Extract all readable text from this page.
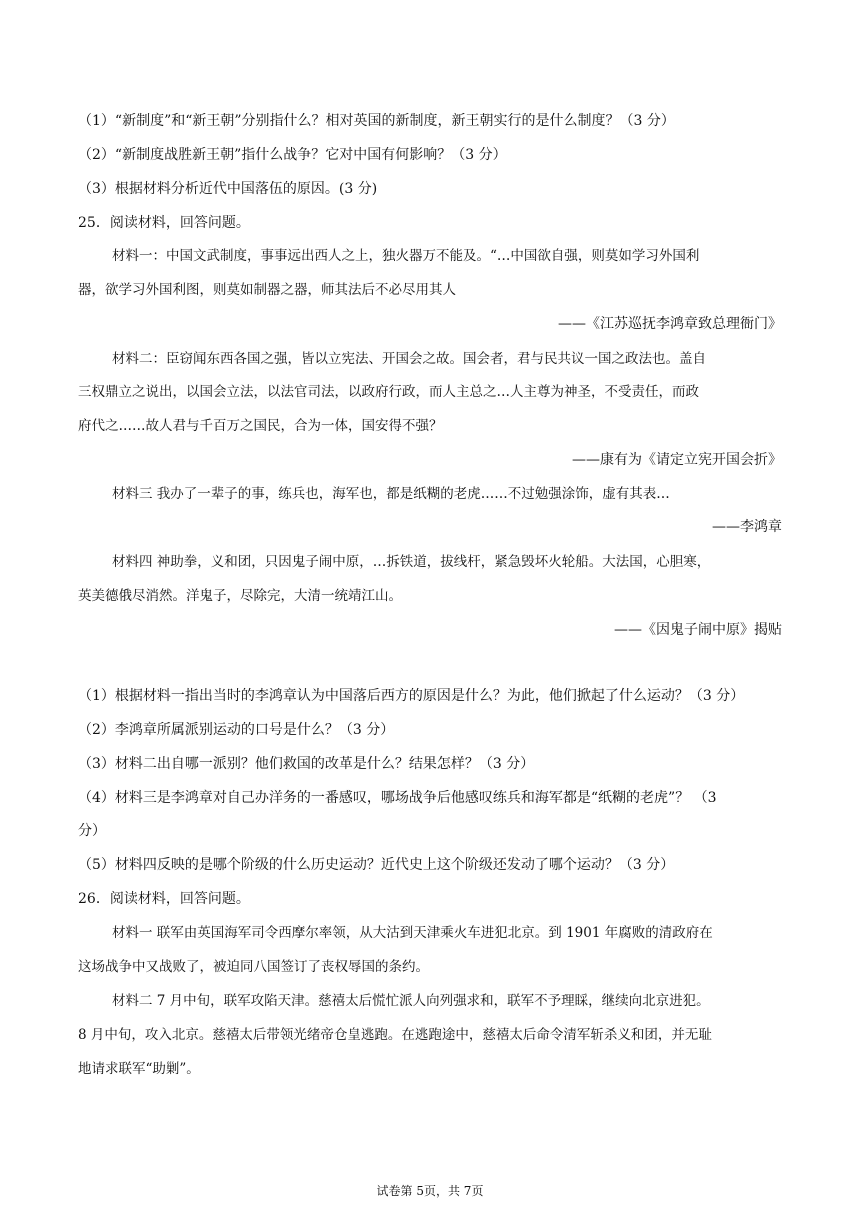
（1）“新制度”和“新王朝”分别指什么？相对英国的新制度，新王朝实行的是什么制度？（3 分）
（2）“新制度战胜新王朝”指什么战争？它对中国有何影响？（3 分）
（3）根据材料分析近代中国落伍的原因。(3 分)
25．阅读材料，回答问题。
材料一：中国文武制度，事事远出西人之上，独火器万不能及。“…中国欲自强，则莫如学习外国利
器，欲学习外国利图，则莫如制器之器，师其法后不必尽用其人
——《江苏巡抚李鸿章致总理衙门》
材料二：臣窃闻东西各国之强，皆以立宪法、开国会之故。国会者，君与民共议一国之政法也。盖自
三权鼎立之说出，以国会立法，以法官司法，以政府行政，而人主总之…人主尊为神圣，不受责任，而政
府代之……故人君与千百万之国民，合为一体，国安得不强？
——康有为《请定立宪开国会折》
材料三 我办了一辈子的事，练兵也，海军也，都是纸糊的老虎……不过勉强涂饰，虚有其表…
——李鸿章
材料四 神助拳，义和团，只因鬼子闹中原，…拆铁道，拔线杆，紧急毁坏火轮船。大法国，心胆寒，
英美德俄尽消然。洋鬼子，尽除完，大清一统靖江山。
——《因鬼子闹中原》揭贴
（1）根据材料一指出当时的李鸿章认为中国落后西方的原因是什么？为此，他们掀起了什么运动？（3 分）
（2）李鸿章所属派别运动的口号是什么？（3 分）
（3）材料二出自哪一派别？他们救国的改革是什么？结果怎样？（3 分）
（4）材料三是李鸿章对自己办洋务的一番感叹，哪场战争后他感叹练兵和海军都是“纸糊的老虎”？ （3
分）
（5）材料四反映的是哪个阶级的什么历史运动？近代史上这个阶级还发动了哪个运动？（3 分）
26．阅读材料，回答问题。
材料一 联军由英国海军司令西摩尔率领，从大沽到天津乘火车进犯北京。到 1901 年腐败的清政府在
这场战争中又战败了，被迫同八国签订了丧权辱国的条约。
材料二 7 月中旬，联军攻陷天津。慈禧太后慌忙派人向列强求和，联军不予理睬，继续向北京进犯。
8 月中旬，攻入北京。慈禧太后带领光绪帝仓皇逃跑。在逃跑途中，慈禧太后命令清军斩杀义和团，并无耻
地请求联军“助剿”。
试卷第 5页，共 7页
